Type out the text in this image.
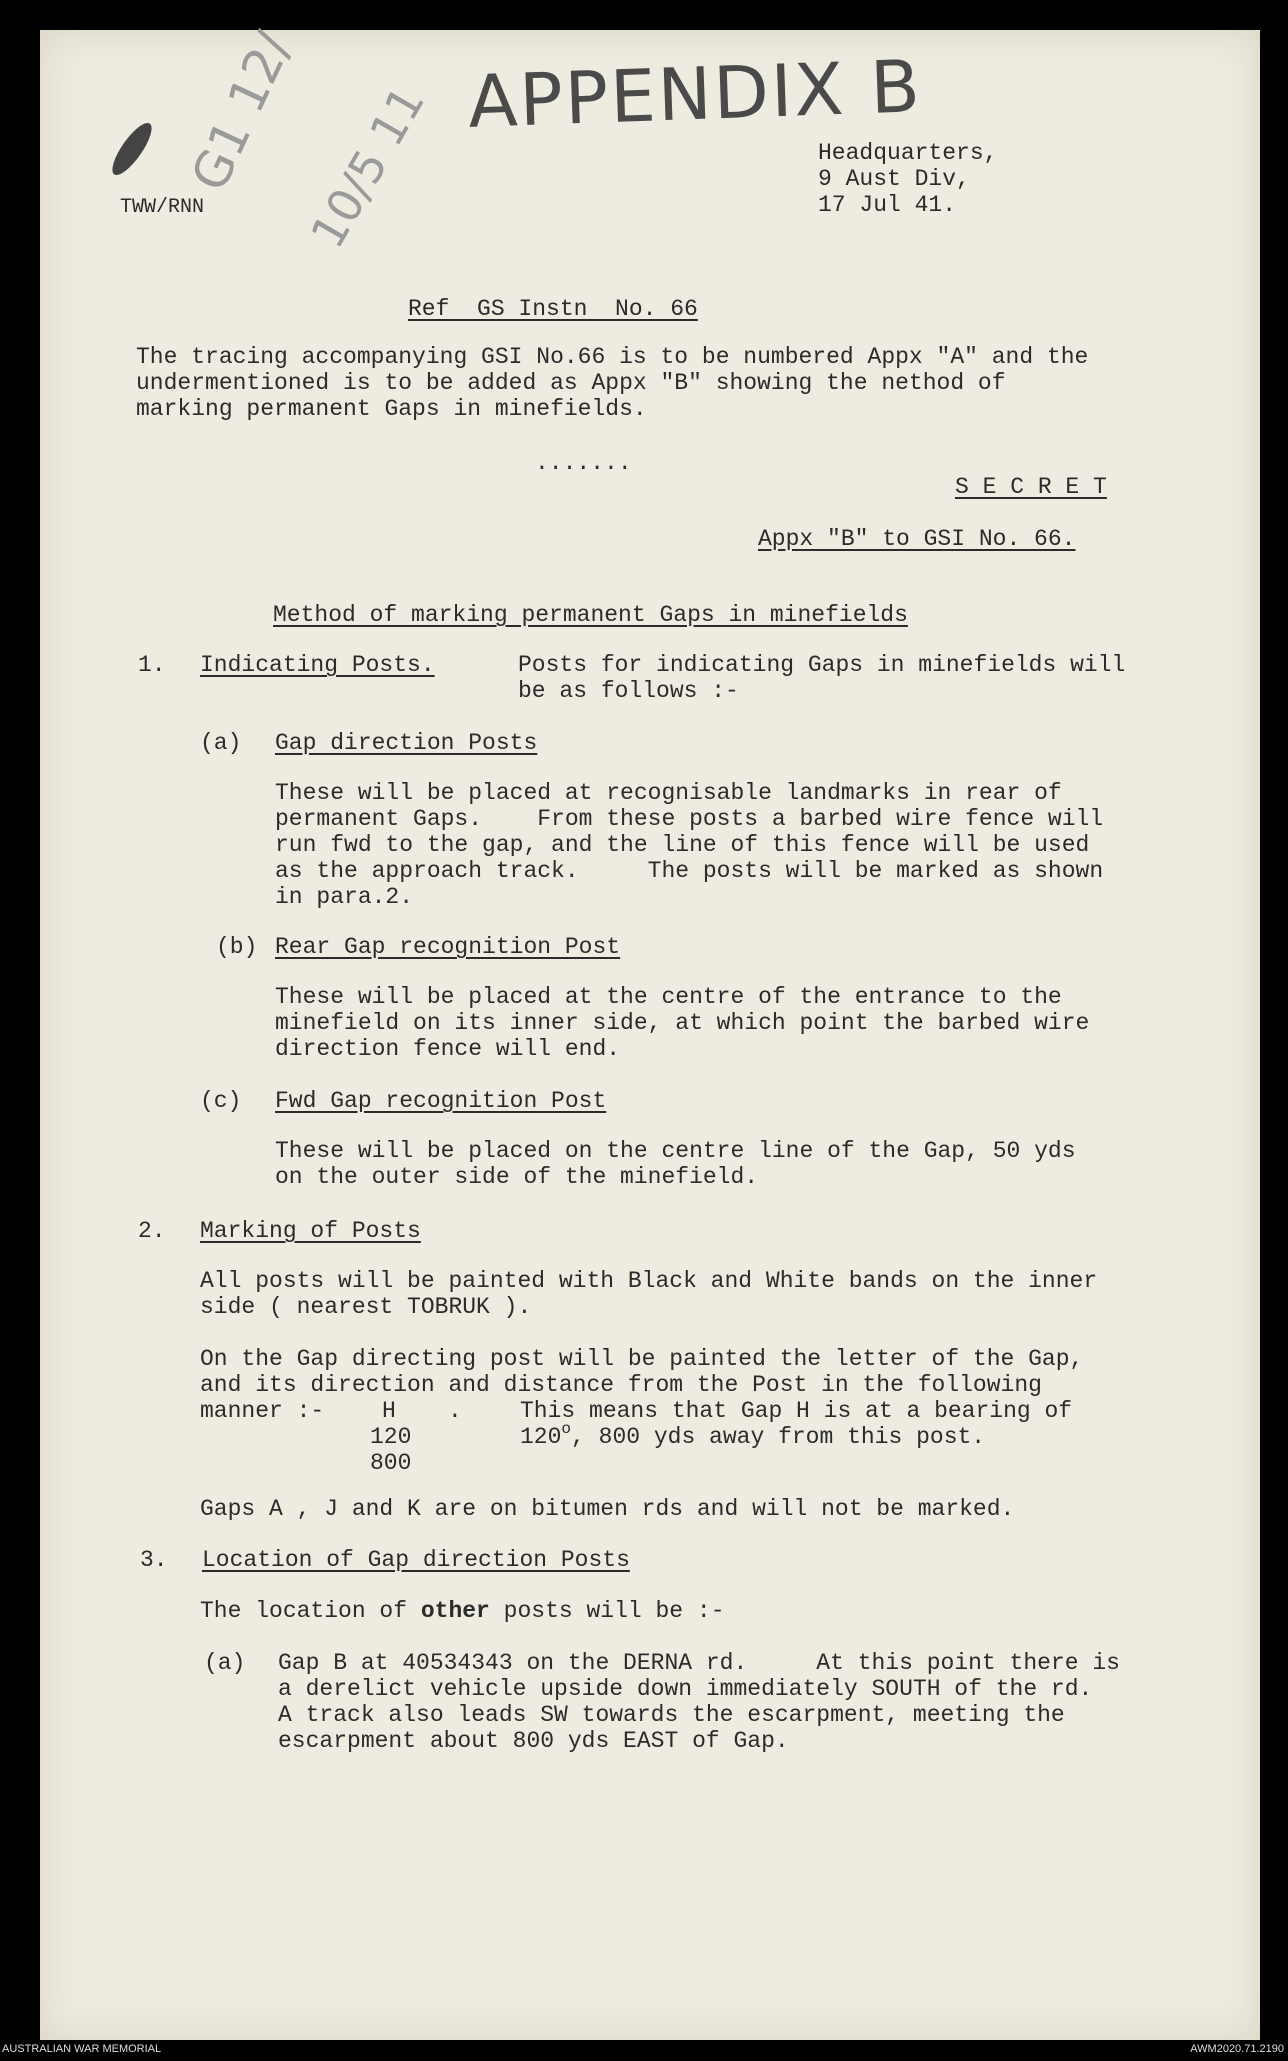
APPENDIX B
G1 12/
10/5 11
TWW/RNN
Headquarters,
9 Aust Div,
17 Jul 41.
Ref  GS Instn  No. 66
The tracing accompanying GSI No.66 is to be numbered Appx "A" and the
undermentioned is to be added as Appx "B" showing the nethod of
marking permanent Gaps in minefields.
.......
S E C R E T
Appx "B" to GSI No. 66.
Method of marking permanent Gaps in minefields
1. Indicating Posts.	Posts for indicating Gaps in minefields will
be as follows :-
(a) Gap direction Posts
These will be placed at recognisable landmarks in rear of
permanent Gaps.    From these posts a barbed wire fence will
run fwd to the gap, and the line of this fence will be used
as the approach track.     The posts will be marked as shown
in para.2.
(b) Rear Gap recognition Post
These will be placed at the centre of the entrance to the
minefield on its inner side, at which point the barbed wire
direction fence will end.
(c) Fwd Gap recognition Post
These will be placed on the centre line of the Gap, 50 yds
on the outer side of the minefield.
2. Marking of Posts
All posts will be painted with Black and White bands on the inner
side ( nearest TOBRUK ).
On the Gap directing post will be painted the letter of the Gap,
and its direction and distance from the Post in the following
manner :-	H .
120
800
This means that Gap H is at a bearing of
120$^o$, 800 yds away from this post.
Gaps A , J and K are on bitumen rds and will not be marked.
3. Location of Gap direction Posts
The location of other posts will be :-
(a) Gap B at 40534343 on the DERNA rd.     At this point there is
a derelict vehicle upside down immediately SOUTH of the rd.
A track also leads SW towards the escarpment, meeting the
escarpment about 800 yds EAST of Gap.
AUSTRALIAN WAR MEMORIAL	AWM2020.71.2190
